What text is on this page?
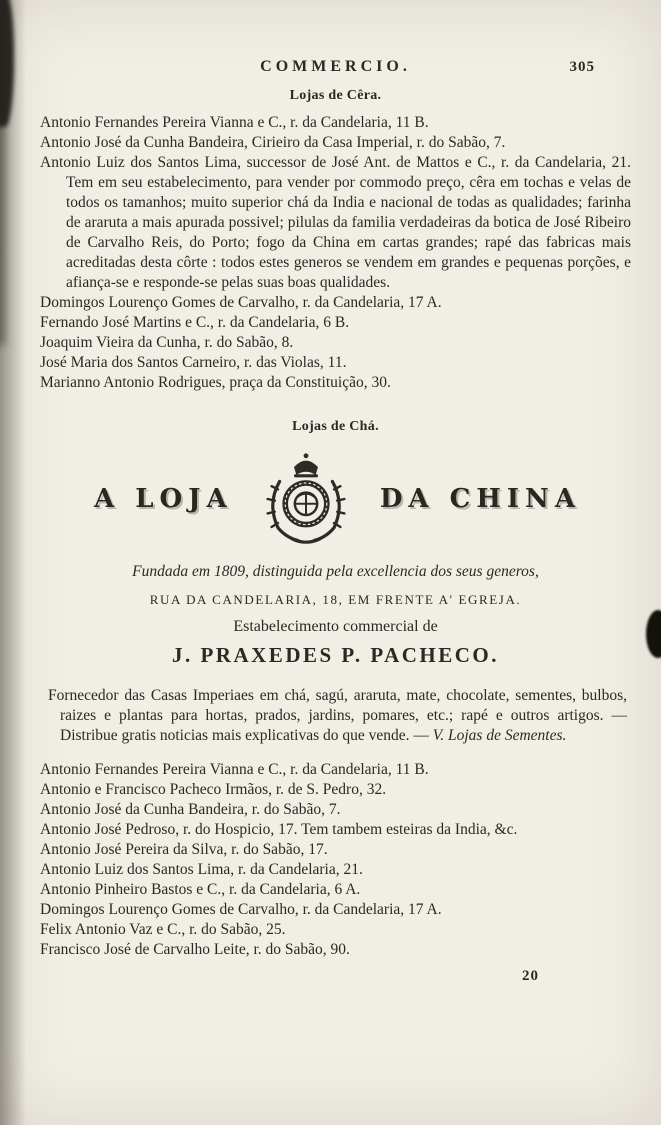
COMMERCIO.	305
Lojas de Cêra.

Antonio Fernandes Pereira Vianna e C., r. da Candelaria, 11 B.

Antonio José da Cunha Bandeira, Cirieiro da Casa Imperial, r. do Sabão, 7.

Antonio Luiz dos Santos Lima, successor de José Ant. de Mattos e C., r. da Candelaria, 21. Tem em seu estabelecimento, para vender por commodo preço, cêra em tochas e velas de todos os tamanhos; muito superior chá da India e nacional de todas as qualidades; farinha de araruta a mais apurada possivel; pilulas da familia verdadeiras da botica de José Ribeiro de Carvalho Reis, do Porto; fogo da China em cartas grandes; rapé das fabricas mais acreditadas desta côrte : todos estes generos se vendem em grandes e pequenas porções, e afiança-se e responde-se pelas suas boas qualidades.

Domingos Lourenço Gomes de Carvalho, r. da Candelaria, 17 A.

Fernando José Martins e C., r. da Candelaria, 6 B.

Joaquim Vieira da Cunha, r. do Sabão, 8.

José Maria dos Santos Carneiro, r. das Violas, 11.

Marianno Antonio Rodrigues, praça da Constituição, 30.

Lojas de Chá.
A LOJA	DA CHINA

Fundada em 1809, distinguida pela excellencia dos seus generos,

RUA DA CANDELARIA, 18, EM FRENTE A' EGREJA.

Estabelecimento commercial de

J. PRAXEDES P. PACHECO.

Fornecedor das Casas Imperiaes em chá, sagú, araruta, mate, chocolate, sementes, bulbos, raizes e plantas para hortas, prados, jardins, pomares, etc.; rapé e outros artigos. — Distribue gratis noticias mais explicativas do que vende. — V. Lojas de Sementes.

Antonio Fernandes Pereira Vianna e C., r. da Candelaria, 11 B.

Antonio e Francisco Pacheco Irmãos, r. de S. Pedro, 32.

Antonio José da Cunha Bandeira, r. do Sabão, 7.

Antonio José Pedroso, r. do Hospicio, 17. Tem tambem esteiras da India, &c.

Antonio José Pereira da Silva, r. do Sabão, 17.

Antonio Luiz dos Santos Lima, r. da Candelaria, 21.

Antonio Pinheiro Bastos e C., r. da Candelaria, 6 A.

Domingos Lourenço Gomes de Carvalho, r. da Candelaria, 17 A.

Felix Antonio Vaz e C., r. do Sabão, 25.

Francisco José de Carvalho Leite, r. do Sabão, 90.

20
